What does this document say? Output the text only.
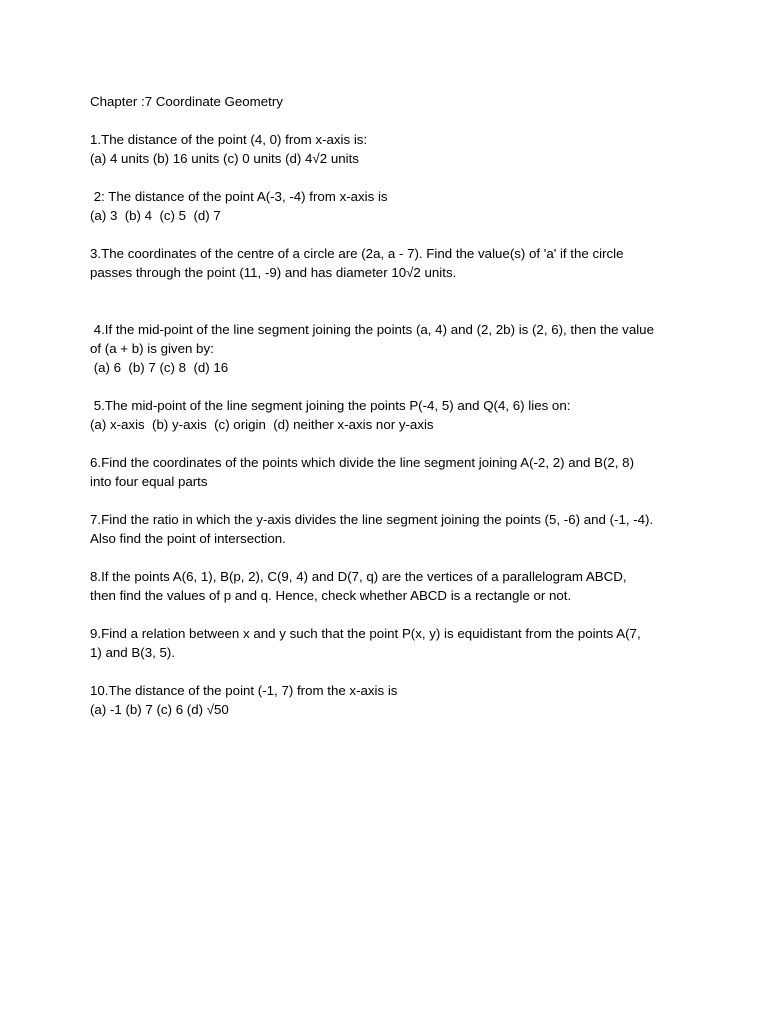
Chapter :7 Coordinate Geometry
1.The distance of the point (4, 0) from x-axis is:
(a) 4 units (b) 16 units (c) 0 units (d) 4√2 units
2: The distance of the point A(-3, -4) from x-axis is
(a) 3  (b) 4  (c) 5  (d) 7
3.The coordinates of the centre of a circle are (2a, a - 7). Find the value(s) of 'a' if the circle
passes through the point (11, -9) and has diameter 10√2 units.
4.If the mid-point of the line segment joining the points (a, 4) and (2, 2b) is (2, 6), then the value
of (a + b) is given by:
(a) 6  (b) 7 (c) 8  (d) 16
5.The mid-point of the line segment joining the points P(-4, 5) and Q(4, 6) lies on:
(a) x-axis  (b) y-axis  (c) origin  (d) neither x-axis nor y-axis
6.Find the coordinates of the points which divide the line segment joining A(-2, 2) and B(2, 8)
into four equal parts
7.Find the ratio in which the y-axis divides the line segment joining the points (5, -6) and (-1, -4).
Also find the point of intersection.
8.If the points A(6, 1), B(p, 2), C(9, 4) and D(7, q) are the vertices of a parallelogram ABCD,
then find the values of p and q. Hence, check whether ABCD is a rectangle or not.
9.Find a relation between x and y such that the point P(x, y) is equidistant from the points A(7,
1) and B(3, 5).
10.The distance of the point (-1, 7) from the x-axis is
(a) -1 (b) 7 (c) 6 (d) √50
